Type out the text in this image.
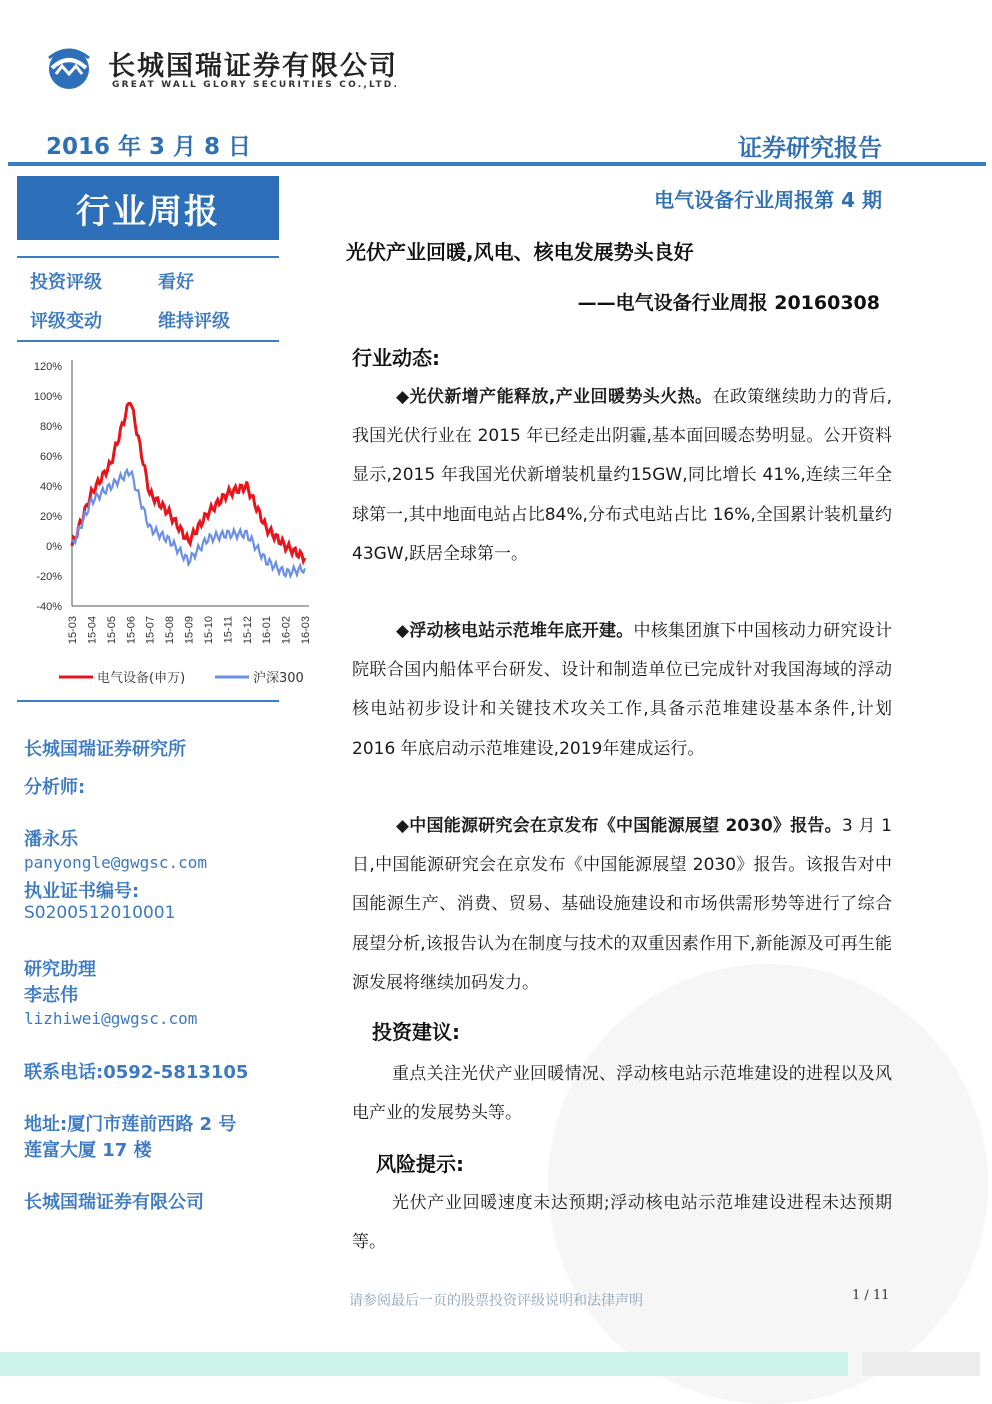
长城国瑞证券有限公司
GREAT WALL GLORY SECURITIES CO.,LTD.
2016 年 3 月 8 日	证券研究报告
行业周报
投资评级	看好
评级变动	维持评级
120%
100%
80%
60%
40%
20%
0%
-20%
-40%
15-03 15-04 15-05 15-06 15-07 15-08 15-09 15-10 15-11 15-12 16-01 16-02 16-03
电气设备(申万)	沪深300
长城国瑞证券研究所
分析师:
潘永乐
panyongle@gwgsc.com
执业证书编号:
S0200512010001
研究助理
李志伟
lizhiwei@gwgsc.com
联系电话:0592-5813105
地址:厦门市莲前西路 2 号
莲富大厦 17 楼
长城国瑞证券有限公司
电气设备行业周报第 4 期
光伏产业回暖,风电、核电发展势头良好
——电气设备行业周报 20160308
行业动态:
◆光伏新增产能释放,产业回暖势头火热。在政策继续助力的背后,我国光伏行业在 2015 年已经走出阴霾,基本面回暖态势明显。公开资料显示,2015 年我国光伏新增装机量约15GW,同比增长 41%,连续三年全球第一,其中地面电站占比84%,分布式电站占比 16%,全国累计装机量约 43GW,跃居全球第一。
◆浮动核电站示范堆年底开建。中核集团旗下中国核动力研究设计院联合国内船体平台研发、设计和制造单位已完成针对我国海域的浮动核电站初步设计和关键技术攻关工作,具备示范堆建设基本条件,计划 2016 年底启动示范堆建设,2019年建成运行。
◆中国能源研究会在京发布《中国能源展望 2030》报告。3 月 1 日,中国能源研究会在京发布《中国能源展望 2030》报告。该报告对中国能源生产、消费、贸易、基础设施建设和市场供需形势等进行了综合展望分析,该报告认为在制度与技术的双重因素作用下,新能源及可再生能源发展将继续加码发力。
投资建议:
重点关注光伏产业回暖情况、浮动核电站示范堆建设的进程以及风电产业的发展势头等。
风险提示:
光伏产业回暖速度未达预期;浮动核电站示范堆建设进程未达预期等。
请参阅最后一页的股票投资评级说明和法律声明	1 / 11
